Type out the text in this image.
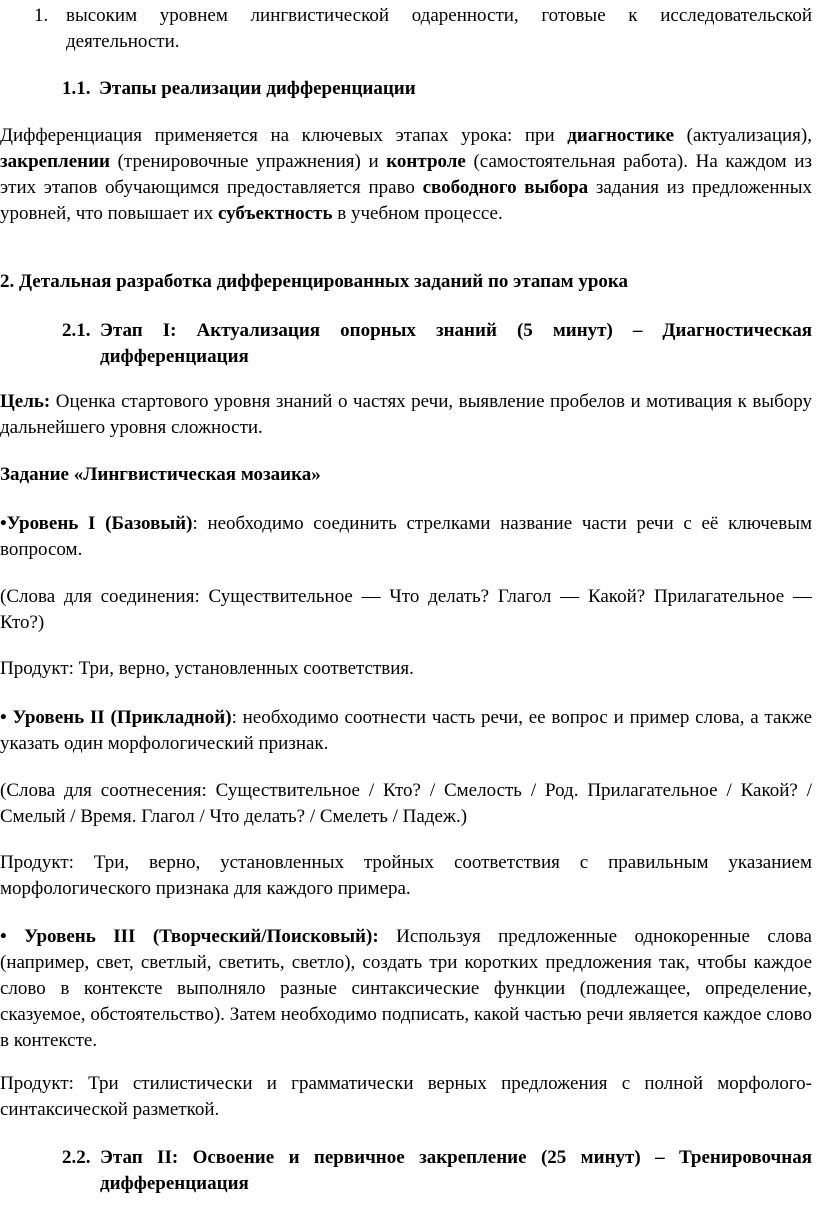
1. высоким уровнем лингвистической одаренности, готовые к исследовательской деятельности.

1.1. Этапы реализации дифференциации

Дифференциация применяется на ключевых этапах урока: при диагностике (актуализация), закреплении (тренировочные упражнения) и контроле (самостоятельная работа). На каждом из этих этапов обучающимся предоставляется право свободного выбора задания из предложенных уровней, что повышает их субъектность в учебном процессе.

2. Детальная разработка дифференцированных заданий по этапам урока

2.1. Этап I: Актуализация опорных знаний (5 минут) – Диагностическая дифференциация

Цель: Оценка стартового уровня знаний о частях речи, выявление пробелов и мотивация к выбору дальнейшего уровня сложности.

Задание «Лингвистическая мозаика»

•Уровень I (Базовый): необходимо соединить стрелками название части речи с её ключевым вопросом.

(Слова для соединения: Существительное — Что делать? Глагол — Какой? Прилагательное — Кто?)

Продукт: Три, верно, установленных соответствия.

• Уровень II (Прикладной): необходимо соотнести часть речи, ее вопрос и пример слова, а также указать один морфологический признак.

(Слова для соотнесения: Существительное / Кто? / Смелость / Род. Прилагательное / Какой? / Смелый / Время. Глагол / Что делать? / Смелеть / Падеж.)

Продукт: Три, верно, установленных тройных соответствия с правильным указанием морфологического признака для каждого примера.

• Уровень III (Творческий/Поисковый): Используя предложенные однокоренные слова (например, свет, светлый, светить, светло), создать три коротких предложения так, чтобы каждое слово в контексте выполняло разные синтаксические функции (подлежащее, определение, сказуемое, обстоятельство). Затем необходимо подписать, какой частью речи является каждое слово в контексте.

Продукт: Три стилистически и грамматически верных предложения с полной морфолого-синтаксической разметкой.

2.2. Этап II: Освоение и первичное закрепление (25 минут) – Тренировочная дифференциация
